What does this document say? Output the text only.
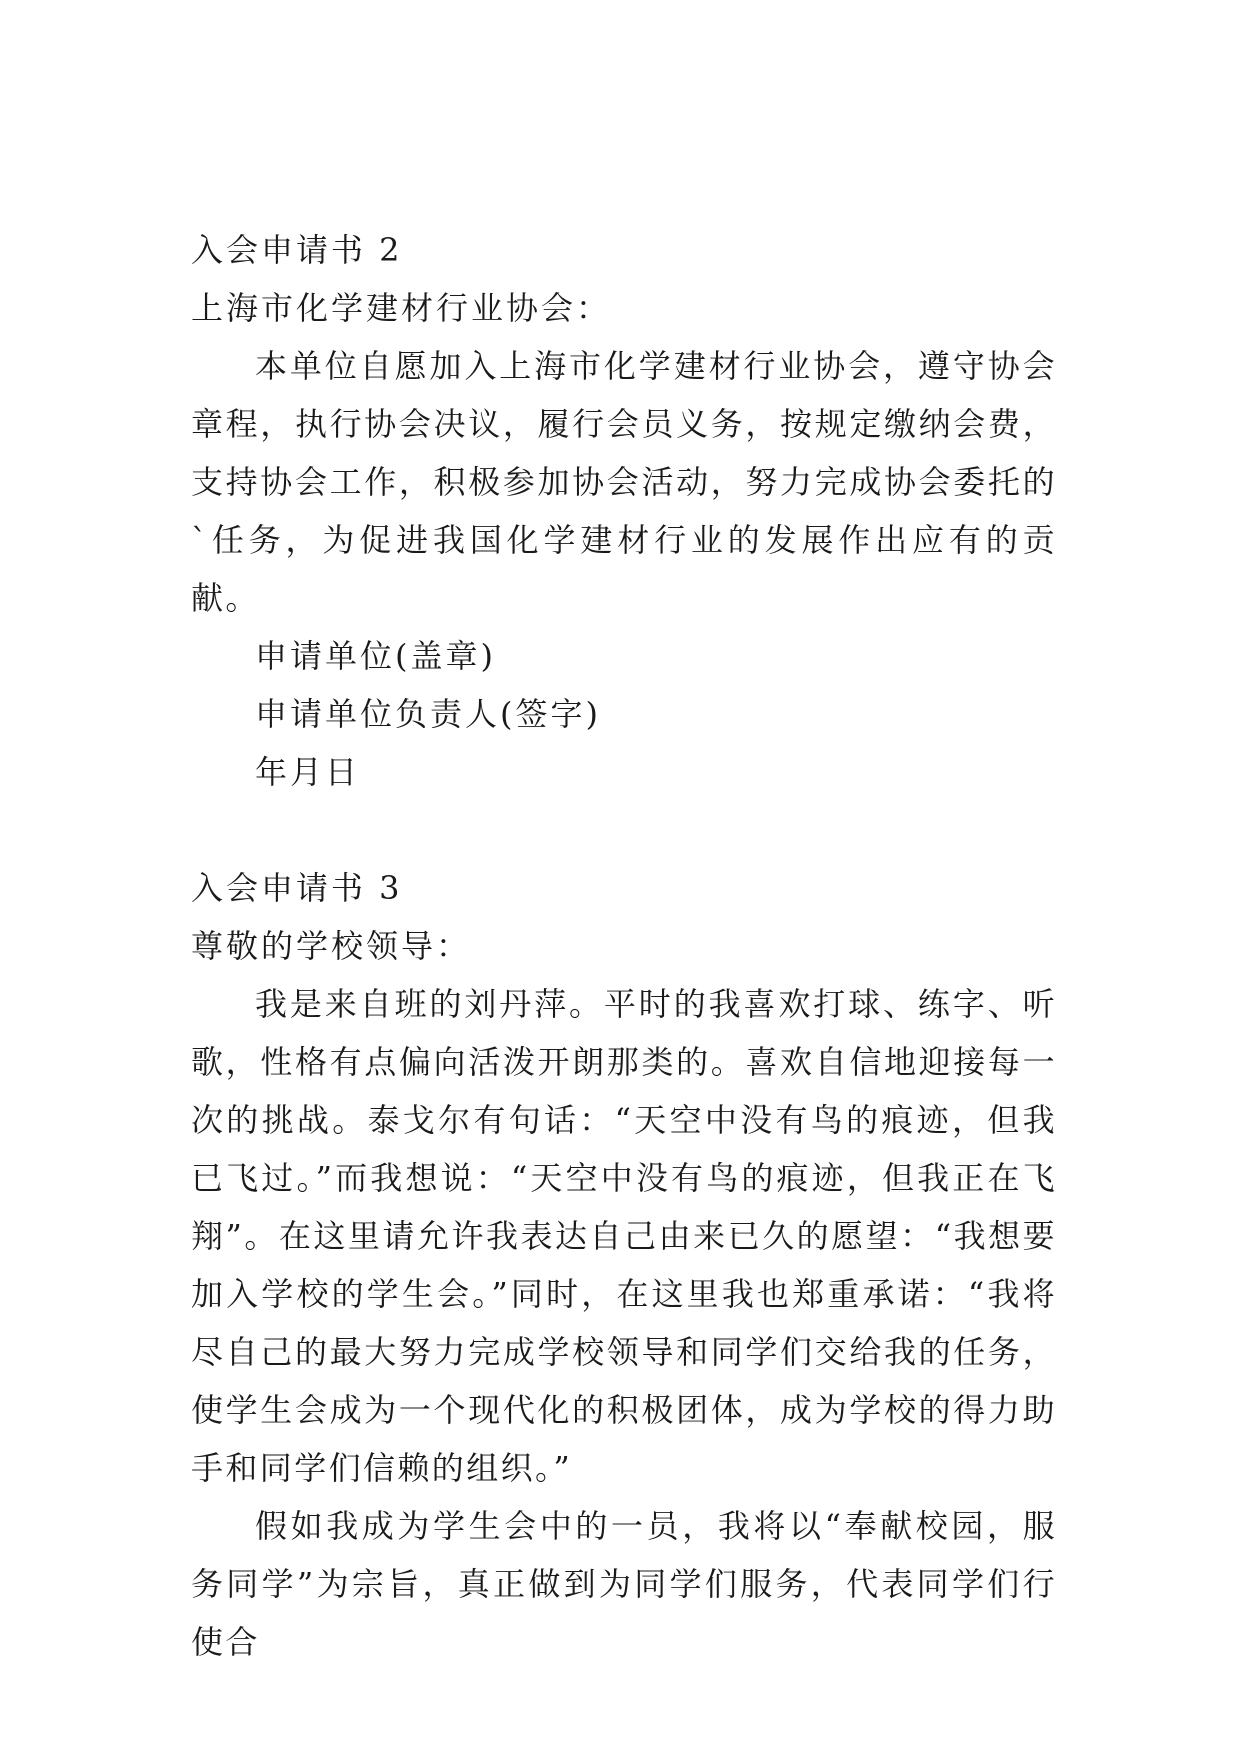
入会申请书 2
上海市化学建材行业协会：

本单位自愿加入上海市化学建材行业协会，遵守协会章程，执行协会决议，履行会员义务，按规定缴纳会费，支持协会工作，积极参加协会活动，努力完成协会委托的`任务，为促进我国化学建材行业的发展作出应有的贡献。

申请单位(盖章)
申请单位负责人(签字)
年月日
入会申请书 3
尊敬的学校领导：

我是来自班的刘丹萍。平时的我喜欢打球、练字、听歌，性格有点偏向活泼开朗那类的。喜欢自信地迎接每一次的挑战。泰戈尔有句话：“天空中没有鸟的痕迹，但我已飞过。”而我想说：“天空中没有鸟的痕迹，但我正在飞翔”。在这里请允许我表达自己由来已久的愿望：“我想要加入学校的学生会。”同时，在这里我也郑重承诺：“我将尽自己的最大努力完成学校领导和同学们交给我的任务，使学生会成为一个现代化的积极团体，成为学校的得力助手和同学们信赖的组织。”

假如我成为学生会中的一员，我将以“奉献校园，服务同学”为宗旨，真正做到为同学们服务，代表同学们行使合
